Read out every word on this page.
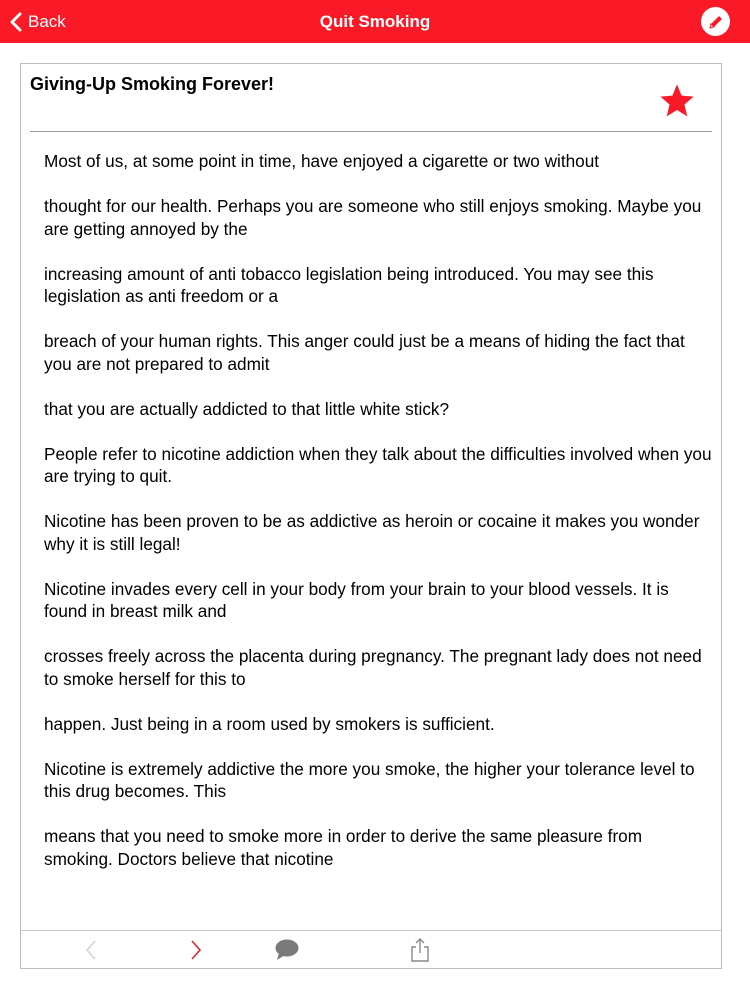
Back	Quit Smoking
Giving-Up Smoking Forever!

Most of us, at some point in time, have enjoyed a cigarette or two without

thought for our health. Perhaps you are someone who still enjoys smoking. Maybe you are getting annoyed by the

increasing amount of anti tobacco legislation being introduced. You may see this legislation as anti freedom or a

breach of your human rights. This anger could just be a means of hiding the fact that you are not prepared to admit

that you are actually addicted to that little white stick?

People refer to nicotine addiction when they talk about the difficulties involved when you are trying to quit.

Nicotine has been proven to be as addictive as heroin or cocaine it makes you wonder why it is still legal!

Nicotine invades every cell in your body from your brain to your blood vessels. It is found in breast milk and

crosses freely across the placenta during pregnancy. The pregnant lady does not need to smoke herself for this to

happen. Just being in a room used by smokers is sufficient.

Nicotine is extremely addictive the more you smoke, the higher your tolerance level to this drug becomes. This

means that you need to smoke more in order to derive the same pleasure from smoking. Doctors believe that nicotine
